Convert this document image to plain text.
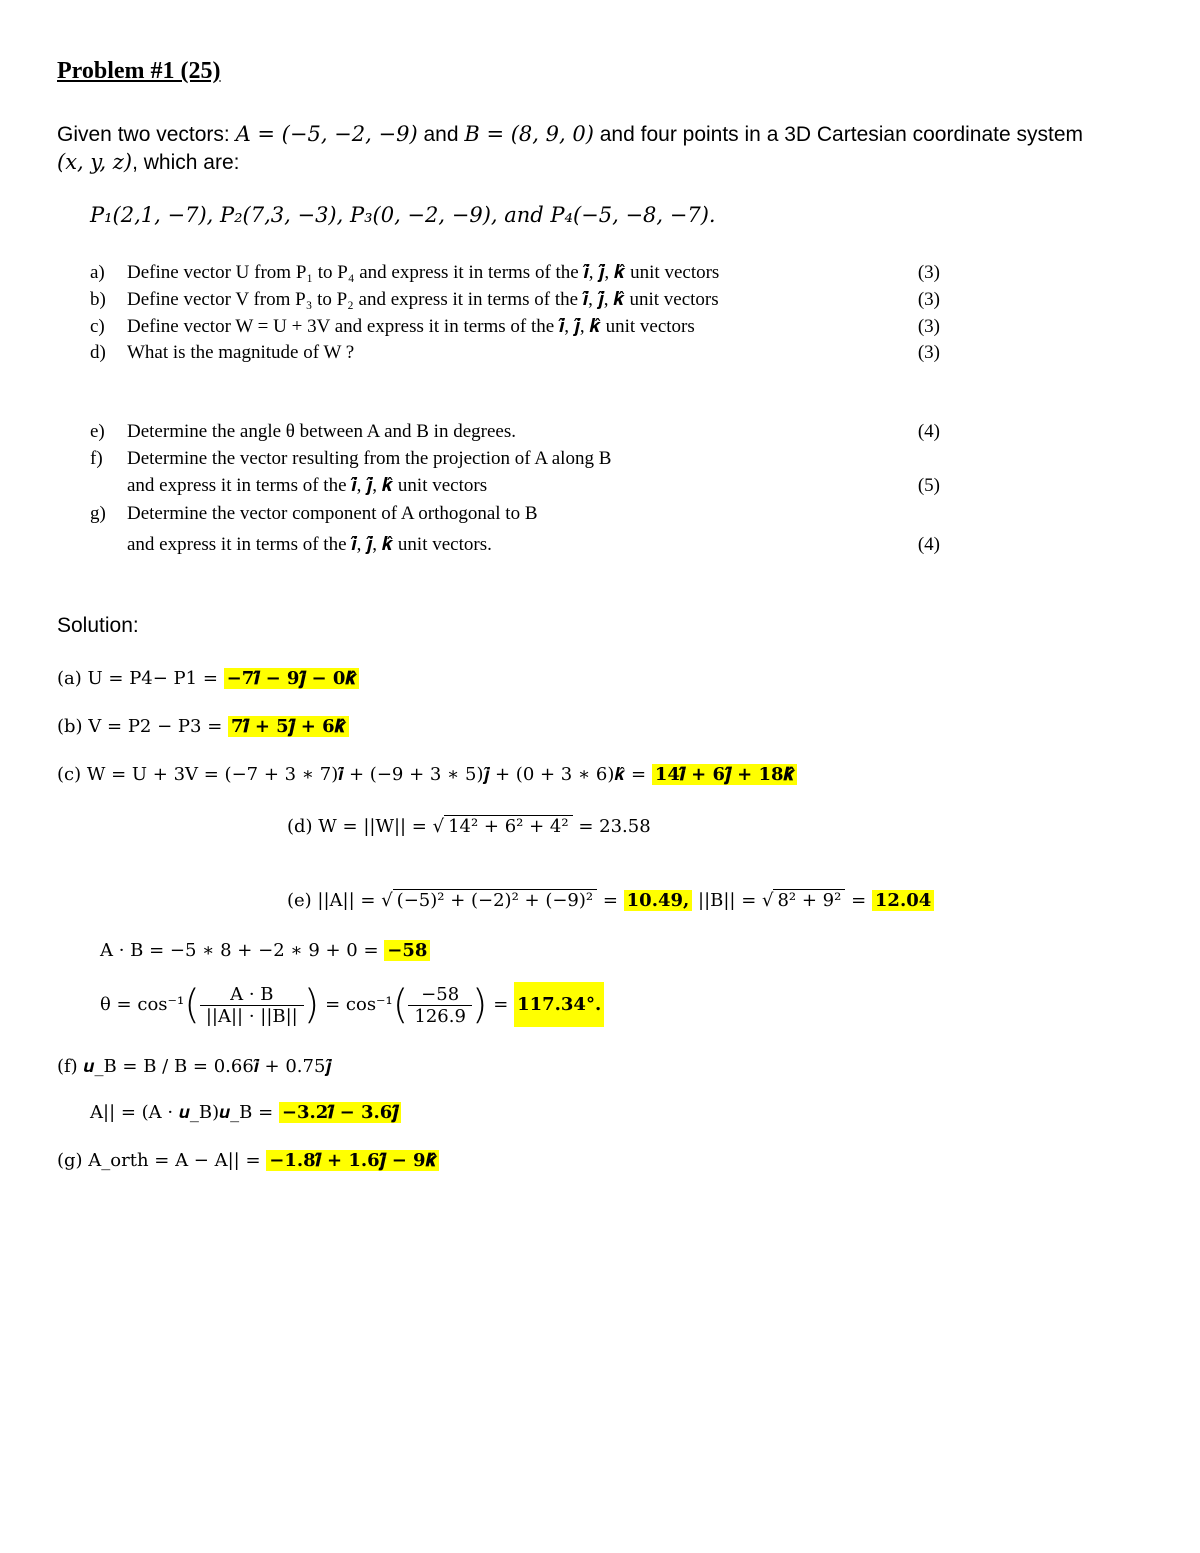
Problem #1 (25)
Given two vectors: A = (−5, −2, −9) and B = (8, 9, 0) and four points in a 3D Cartesian coordinate system
(x, y, z), which are:
P₁(2,1, −7), P₂(7,3, −3), P₃(0, −2, −9), and P₄(−5, −8, −7).
a) Define vector U from P₁ to P₄ and express it in terms of the 𝒊̂, 𝒋̂, 𝒌̂ unit vectors	(3)
b) Define vector V from P₃ to P₂ and express it in terms of the 𝒊̂, 𝒋̂, 𝒌̂ unit vectors	(3)
c) Define vector W = U + 3V and express it in terms of the 𝒊̂, 𝒋̂, 𝒌̂ unit vectors	(3)
d) What is the magnitude of W ?	(3)
e) Determine the angle θ between A and B in degrees.	(4)
f) Determine the vector resulting from the projection of A along B
and express it in terms of the 𝒊̂, 𝒋̂, 𝒌̂ unit vectors	(5)
g) Determine the vector component of A orthogonal to B
and express it in terms of the 𝒊̂, 𝒋̂, 𝒌̂ unit vectors.	(4)
Solution:
(a) U = P4− P1 = −7𝒊̂ − 9𝒋̂ − 0𝒌̂
(b) V = P2 − P3 = 7𝒊̂ + 5𝒋̂ + 6𝒌̂
(c) W = U + 3V = (−7 + 3 ∗ 7)𝒊̂ + (−9 + 3 ∗ 5)𝒋̂ + (0 + 3 ∗ 6)𝒌̂ = 14𝒊̂ + 6𝒋̂ + 18𝒌̂
(d) W = ||W|| = √ 14² + 6² + 4² = 23.58
(e) ||A|| = √ (−5)² + (−2)² + (−9)² = 10.49, ||B|| = √ 8² + 9² = 12.04
A · B = −5 ∗ 8 + −2 ∗ 9 + 0 = −58
$\theta = \cos^{-1}( \frac{A \cdot B}{||A|| \cdot ||B||}$ ) = $\cos^{-1}( \frac{-58}{126.9}$ ) = 117.34°.
(f) 𝒖_B = B / B = 0.66𝒊̂ + 0.75𝒋̂
A|| = (A · 𝒖_B)𝒖_B = −3.2𝒊̂ − 3.6𝒋̂
(g) A_orth = A − A|| = −1.8𝒊̂ + 1.6𝒋̂ − 9𝒌̂
